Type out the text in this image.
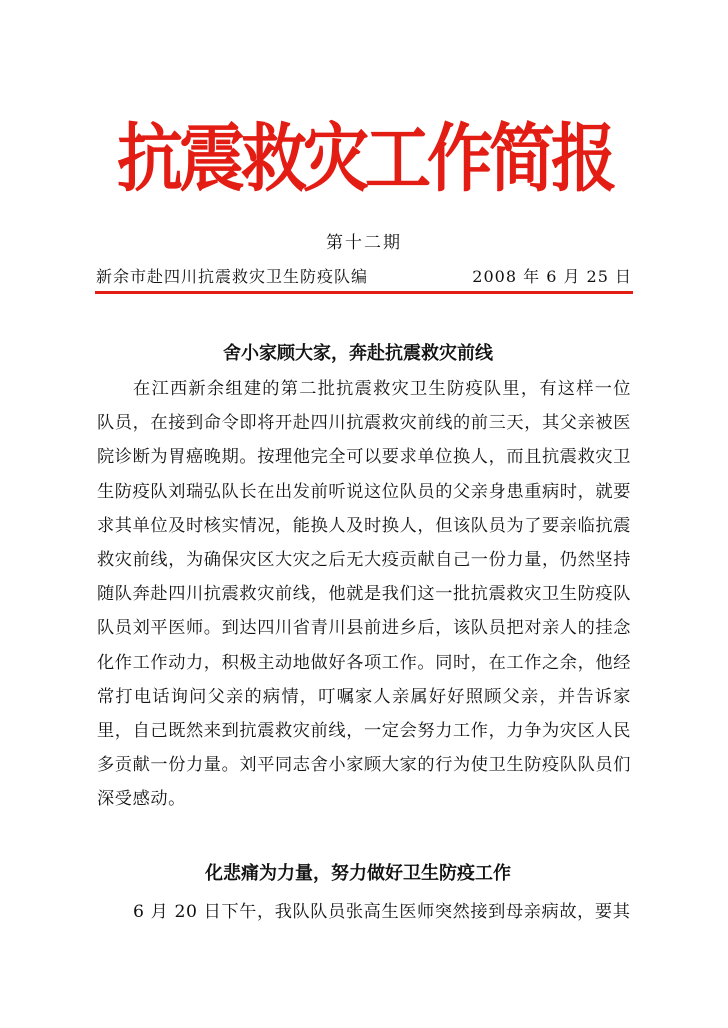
抗震救灾工作简报
第十二期
新余市赴四川抗震救灾卫生防疫队编	2008 年 6 月 25 日
舍小家顾大家，奔赴抗震救灾前线

在江西新余组建的第二批抗震救灾卫生防疫队里，有这样一位队员，在接到命令即将开赴四川抗震救灾前线的前三天，其父亲被医院诊断为胃癌晚期。按理他完全可以要求单位换人，而且抗震救灾卫生防疫队刘瑞弘队长在出发前听说这位队员的父亲身患重病时，就要求其单位及时核实情况，能换人及时换人，但该队员为了要亲临抗震救灾前线，为确保灾区大灾之后无大疫贡献自己一份力量，仍然坚持随队奔赴四川抗震救灾前线，他就是我们这一批抗震救灾卫生防疫队队员刘平医师。到达四川省青川县前进乡后，该队员把对亲人的挂念化作工作动力，积极主动地做好各项工作。同时，在工作之余，他经常打电话询问父亲的病情，叮嘱家人亲属好好照顾父亲，并告诉家里，自己既然来到抗震救灾前线，一定会努力工作，力争为灾区人民多贡献一份力量。刘平同志舍小家顾大家的行为使卫生防疫队队员们深受感动。

化悲痛为力量，努力做好卫生防疫工作

6 月 20 日下午，我队队员张高生医师突然接到母亲病故，要其
